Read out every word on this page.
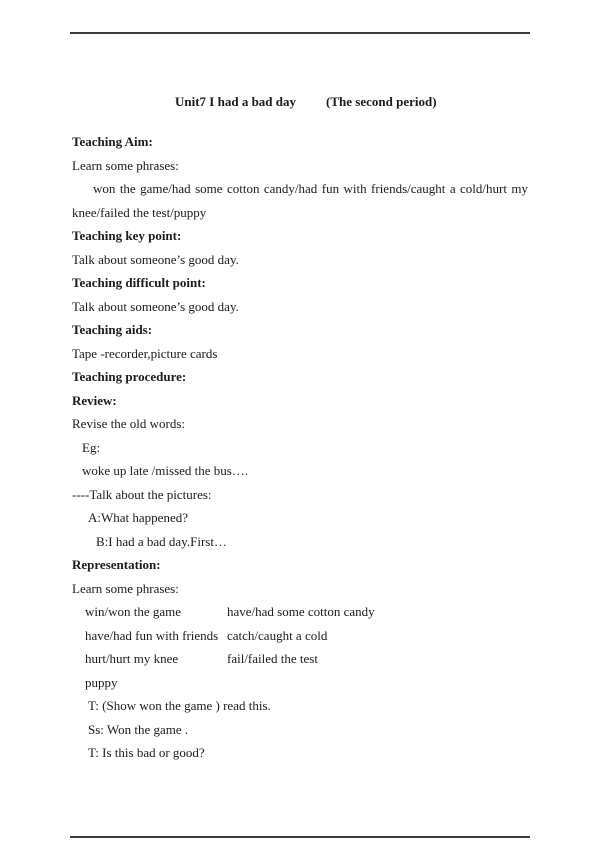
Unit7 I had a bad day (The second period)
Teaching Aim:
Learn some phrases:
won the game/had some cotton candy/had fun with friends/caught a cold/hurt my
knee/failed the test/puppy
Teaching key point:
Talk about someone’s good day.
Teaching difficult point:
Talk about someone’s good day.
Teaching aids:
Tape -recorder,picture cards
Teaching procedure:
Review:
Revise the old words:
Eg:
woke up late /missed the bus….
----Talk about the pictures:
A:What happened?
B:I had a bad day.First…
Representation:
Learn some phrases:
win/won the game	have/had some cotton candy
have/had fun with friends catch/caught a cold
hurt/hurt my knee	fail/failed the test
puppy
T: (Show won the game ) read this.
Ss: Won the game .
T: Is this bad or good?
